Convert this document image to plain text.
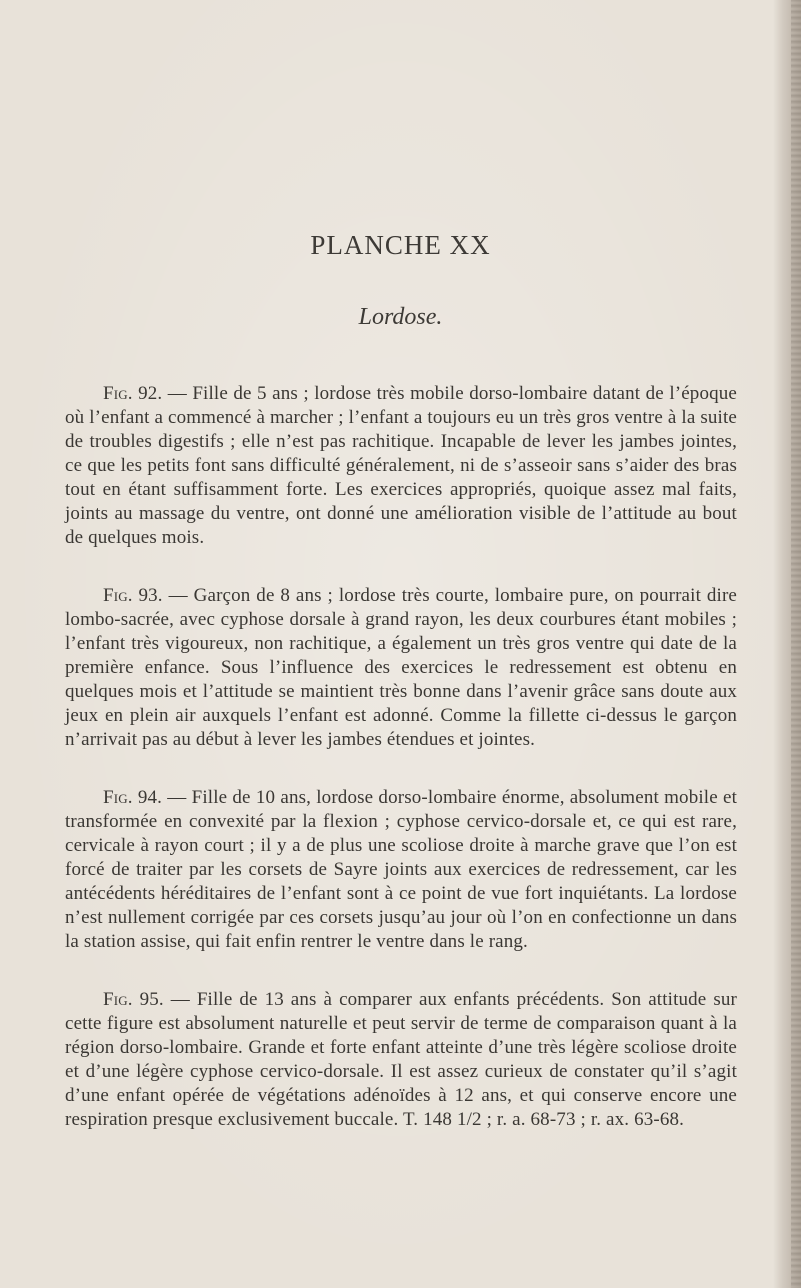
PLANCHE XX
Lordose.

Fig. 92. — Fille de 5 ans ; lordose très mobile dorso-lombaire datant de l’époque où l’enfant a commencé à marcher ; l’enfant a toujours eu un très gros ventre à la suite de troubles digestifs ; elle n’est pas rachitique. Incapable de lever les jambes jointes, ce que les petits font sans difficulté généralement, ni de s’asseoir sans s’aider des bras tout en étant suffisamment forte. Les exercices appropriés, quoique assez mal faits, joints au massage du ventre, ont donné une amélioration visible de l’attitude au bout de quelques mois.

Fig. 93. — Garçon de 8 ans ; lordose très courte, lombaire pure, on pourrait dire lombo-sacrée, avec cyphose dorsale à grand rayon, les deux courbures étant mobiles ; l’enfant très vigoureux, non rachitique, a également un très gros ventre qui date de la première enfance. Sous l’influence des exercices le redressement est obtenu en quelques mois et l’attitude se maintient très bonne dans l’avenir grâce sans doute aux jeux en plein air auxquels l’enfant est adonné. Comme la fillette ci-dessus le garçon n’arrivait pas au début à lever les jambes étendues et jointes.

Fig. 94. — Fille de 10 ans, lordose dorso-lombaire énorme, absolument mobile et transformée en convexité par la flexion ; cyphose cervico-dorsale et, ce qui est rare, cervicale à rayon court ; il y a de plus une scoliose droite à marche grave que l’on est forcé de traiter par les corsets de Sayre joints aux exercices de redressement, car les antécédents héréditaires de l’enfant sont à ce point de vue fort inquiétants. La lordose n’est nullement corrigée par ces corsets jusqu’au jour où l’on en confectionne un dans la station assise, qui fait enfin rentrer le ventre dans le rang.

Fig. 95. — Fille de 13 ans à comparer aux enfants précédents. Son attitude sur cette figure est absolument naturelle et peut servir de terme de comparaison quant à la région dorso-lombaire. Grande et forte enfant atteinte d’une très légère scoliose droite et d’une légère cyphose cervico-dorsale. Il est assez curieux de constater qu’il s’agit d’une enfant opérée de végétations adénoïdes à 12 ans, et qui conserve encore une respiration presque exclusivement buccale. T. 148 1/2 ; r. a. 68-73 ; r. ax. 63-68.
